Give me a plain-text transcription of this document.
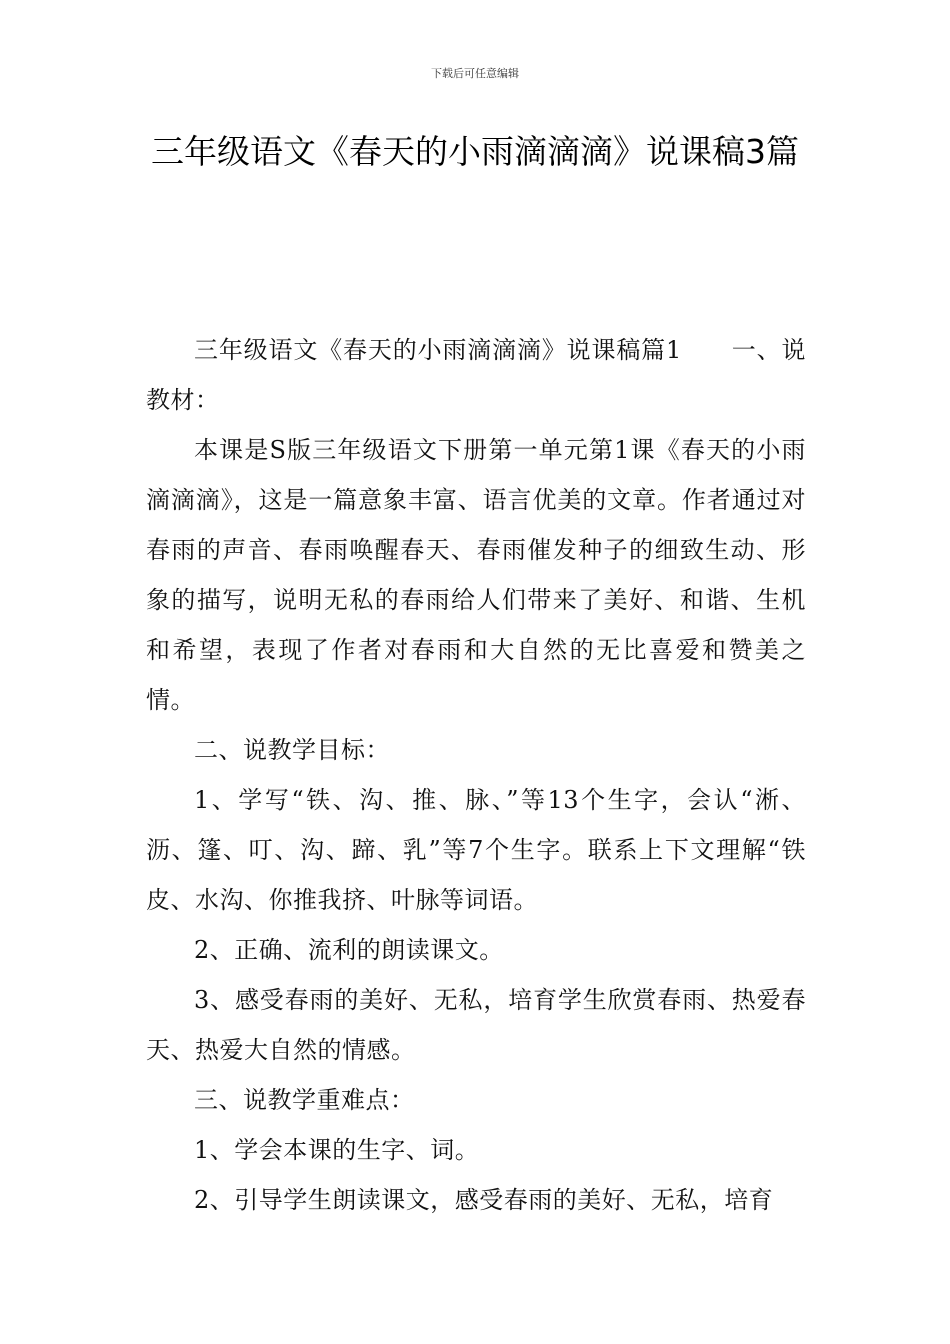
下载后可任意编辑
三年级语文《春天的小雨滴滴滴》说课稿3篇

三年级语文《春天的小雨滴滴滴》说课稿篇1　　一、说教材：

本课是S版三年级语文下册第一单元第1课《春天的小雨滴滴滴》，这是一篇意象丰富、语言优美的文章。作者通过对春雨的声音、春雨唤醒春天、春雨催发种子的细致生动、形象的描写，说明无私的春雨给人们带来了美好、和谐、生机和希望，表现了作者对春雨和大自然的无比喜爱和赞美之情。

二、说教学目标：

1、学写“铁、沟、推、脉、”等13个生字，会认“淅、沥、篷、叮、沟、蹄、乳”等7个生字。联系上下文理解“铁皮、水沟、你推我挤、叶脉等词语。

2、正确、流利的朗读课文。

3、感受春雨的美好、无私，培育学生欣赏春雨、热爱春天、热爱大自然的情感。

三、说教学重难点：

1、学会本课的生字、词。

2、引导学生朗读课文，感受春雨的美好、无私，培育
